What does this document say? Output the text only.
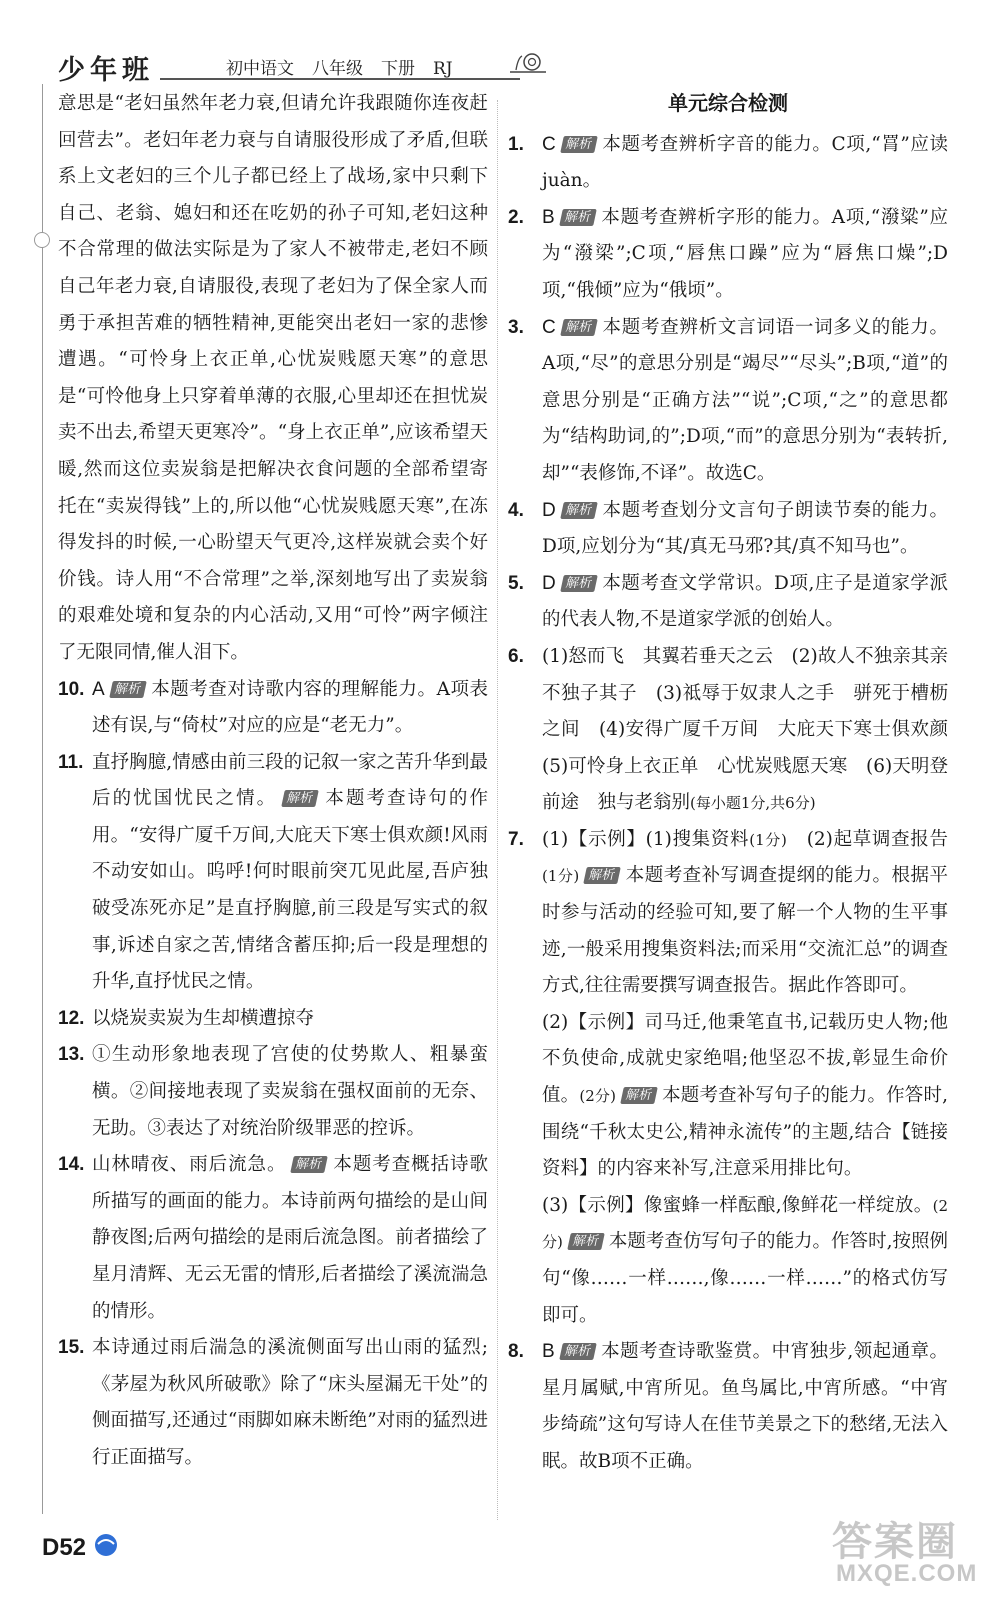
少年班	初中语文 八年级 下册 RJ
意思是“老妇虽然年老力衰,但请允许我跟随你连夜赶回营去”。老妇年老力衰与自请服役形成了矛盾,但联系上文老妇的三个儿子都已经上了战场,家中只剩下自己、老翁、媳妇和还在吃奶的孙子可知,老妇这种不合常理的做法实际是为了家人不被带走,老妇不顾自己年老力衰,自请服役,表现了老妇为了保全家人而勇于承担苦难的牺牲精神,更能突出老妇一家的悲惨遭遇。“可怜身上衣正单,心忧炭贱愿天寒”的意思是“可怜他身上只穿着单薄的衣服,心里却还在担忧炭卖不出去,希望天更寒冷”。“身上衣正单”,应该希望天暖,然而这位卖炭翁是把解决衣食问题的全部希望寄托在“卖炭得钱”上的,所以他“心忧炭贱愿天寒”,在冻得发抖的时候,一心盼望天气更冷,这样炭就会卖个好价钱。诗人用“不合常理”之举,深刻地写出了卖炭翁的艰难处境和复杂的内心活动,又用“可怜”两字倾注了无限同情,催人泪下。
10. A 解析 本题考查对诗歌内容的理解能力。A项表述有误,与“倚杖”对应的应是“老无力”。
11. 直抒胸臆,情感由前三段的记叙一家之苦升华到最后的忧国忧民之情。 解析 本题考查诗句的作用。“安得广厦千万间,大庇天下寒士俱欢颜!风雨不动安如山。呜呼!何时眼前突兀见此屋,吾庐独破受冻死亦足”是直抒胸臆,前三段是写实式的叙事,诉述自家之苦,情绪含蓄压抑;后一段是理想的升华,直抒忧民之情。
12. 以烧炭卖炭为生却横遭掠夺
13. ①生动形象地表现了宫使的仗势欺人、粗暴蛮横。②间接地表现了卖炭翁在强权面前的无奈、无助。③表达了对统治阶级罪恶的控诉。
14. 山林晴夜、雨后流急。 解析 本题考查概括诗歌所描写的画面的能力。本诗前两句描绘的是山间静夜图;后两句描绘的是雨后流急图。前者描绘了星月清辉、无云无雷的情形,后者描绘了溪流湍急的情形。
15. 本诗通过雨后湍急的溪流侧面写出山雨的猛烈;《茅屋为秋风所破歌》除了“床头屋漏无干处”的侧面描写,还通过“雨脚如麻未断绝”对雨的猛烈进行正面描写。
单元综合检测
1. C 解析 本题考查辨析字音的能力。C项,“罥”应读juàn。
2. B 解析 本题考查辨析字形的能力。A项,“潑粱”应为“潑梁”;C项,“唇焦口躁”应为“唇焦口燥”;D项,“俄倾”应为“俄顷”。
3. C 解析 本题考查辨析文言词语一词多义的能力。A项,“尽”的意思分别是“竭尽”“尽头”;B项,“道”的意思分别是“正确方法”“说”;C项,“之”的意思都为“结构助词,的”;D项,“而”的意思分别为“表转折,却”“表修饰,不译”。故选C。
4. D 解析 本题考查划分文言句子朗读节奏的能力。D项,应划分为“其/真无马邪?其/真不知马也”。
5. D 解析 本题考查文学常识。D项,庄子是道家学派的代表人物,不是道家学派的创始人。
6. (1)怒而飞　其翼若垂天之云　(2)故人不独亲其亲　不独子其子　(3)祗辱于奴隶人之手　骈死于槽枥之间　(4)安得广厦千万间　大庇天下寒士俱欢颜　(5)可怜身上衣正单　心忧炭贱愿天寒　(6)天明登前途　独与老翁别(每小题1分,共6分)
7. (1)【示例】(1)搜集资料(1分)　(2)起草调查报告(1分) 解析 本题考查补写调查提纲的能力。根据平时参与活动的经验可知,要了解一个人物的生平事迹,一般采用搜集资料法;而采用“交流汇总”的调查方式,往往需要撰写调查报告。据此作答即可。
(2)【示例】司马迁,他秉笔直书,记载历史人物;他不负使命,成就史家绝唱;他坚忍不拔,彰显生命价值。(2分) 解析 本题考查补写句子的能力。作答时,围绕“千秋太史公,精神永流传”的主题,结合【链接资料】的内容来补写,注意采用排比句。
(3)【示例】像蜜蜂一样酝酿,像鲜花一样绽放。(2分) 解析 本题考查仿写句子的能力。作答时,按照例句“像……一样……,像……一样……”的格式仿写即可。
8. B 解析 本题考查诗歌鉴赏。中宵独步,领起通章。星月属赋,中宵所见。鱼鸟属比,中宵所感。“中宵步绮疏”这句写诗人在佳节美景之下的愁绪,无法入眠。故B项不正确。
D52	答案圈
MXQE.COM
